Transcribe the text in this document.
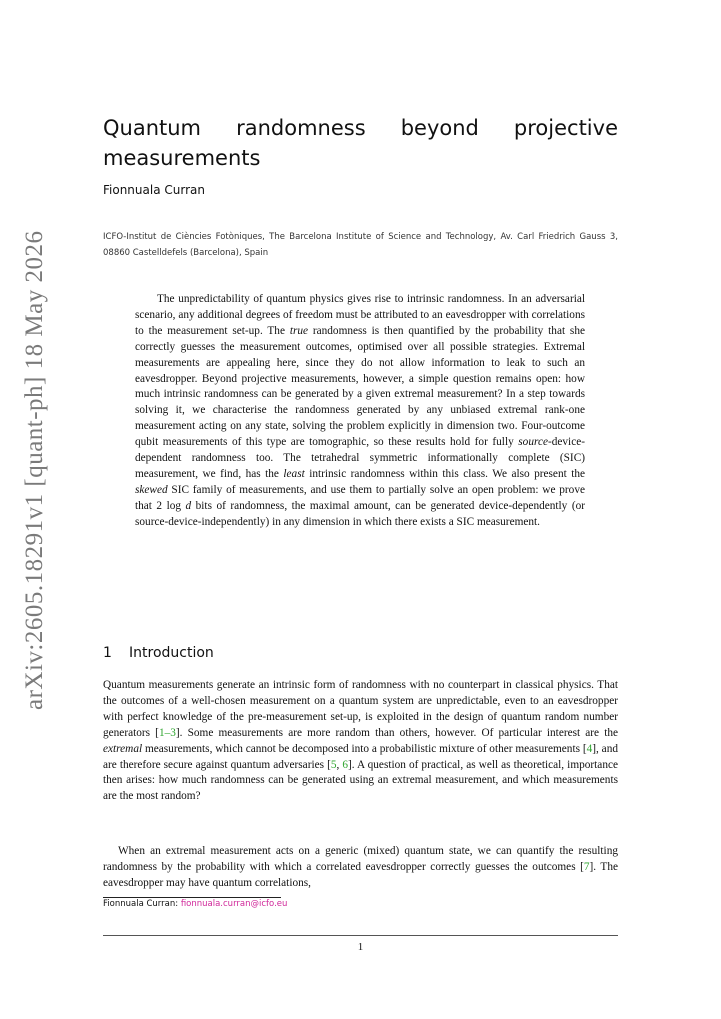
arXiv:2605.18291v1 [quant-ph] 18 May 2026
Quantum randomness beyond projective measurements
Fionnuala Curran
ICFO-Institut de Ciències Fotòniques, The Barcelona Institute of Science and Technology, Av. Carl Friedrich Gauss 3, 08860 Castelldefels (Barcelona), Spain

The unpredictability of quantum physics gives rise to intrinsic randomness. In an adversarial scenario, any additional degrees of freedom must be attributed to an eavesdropper with correlations to the measurement set-up. The true randomness is then quantified by the probability that she correctly guesses the measurement outcomes, optimised over all possible strategies. Extremal measurements are appealing here, since they do not allow information to leak to such an eavesdropper. Beyond projective measurements, however, a simple question remains open: how much intrinsic randomness can be generated by a given extremal measurement? In a step towards solving it, we characterise the randomness generated by any unbiased extremal rank-one measurement acting on any state, solving the problem explicitly in dimension two. Four-outcome qubit measurements of this type are tomographic, so these results hold for fully source-device-dependent randomness too. The tetrahedral symmetric informationally complete (SIC) measurement, we find, has the least intrinsic randomness within this class. We also present the skewed SIC family of measurements, and use them to partially solve an open problem: we prove that 2 log d bits of randomness, the maximal amount, can be generated device-dependently (or source-device-independently) in any dimension in which there exists a SIC measurement.

1 Introduction

Quantum measurements generate an intrinsic form of randomness with no counterpart in classical physics. That the outcomes of a well-chosen measurement on a quantum system are unpredictable, even to an eavesdropper with perfect knowledge of the pre-measurement set-up, is exploited in the design of quantum random number generators [1–3]. Some measurements are more random than others, however. Of particular interest are the extremal measurements, which cannot be decomposed into a probabilistic mixture of other measurements [4], and are therefore secure against quantum adversaries [5, 6]. A question of practical, as well as theoretical, importance then arises: how much randomness can be generated using an extremal measurement, and which measurements are the most random?

When an extremal measurement acts on a generic (mixed) quantum state, we can quantify the resulting randomness by the probability with which a correlated eavesdropper correctly guesses the outcomes [7]. The eavesdropper may have quantum correlations,

Fionnuala Curran: fionnuala.curran@icfo.eu
1
